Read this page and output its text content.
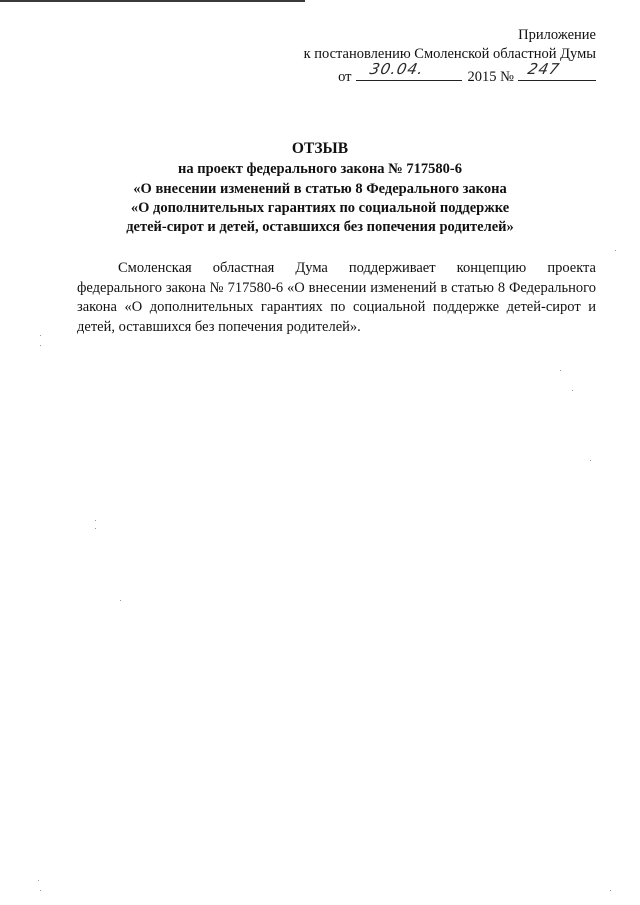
Приложение
к постановлению Смоленской областной Думы
от 30.04.	2015 № 247
ОТЗЫВ
на проект федерального закона № 717580-6
«О внесении изменений в статью 8 Федерального закона
«О дополнительных гарантиях по социальной поддержке
детей-сирот и детей, оставшихся без попечения родителей»

Смоленская областная Дума поддерживает концепцию проекта федерального закона № 717580-6 «О внесении изменений в статью 8 Федерального закона «О дополнительных гарантиях по социальной поддержке детей-сирот и детей, оставшихся без попечения родителей».
